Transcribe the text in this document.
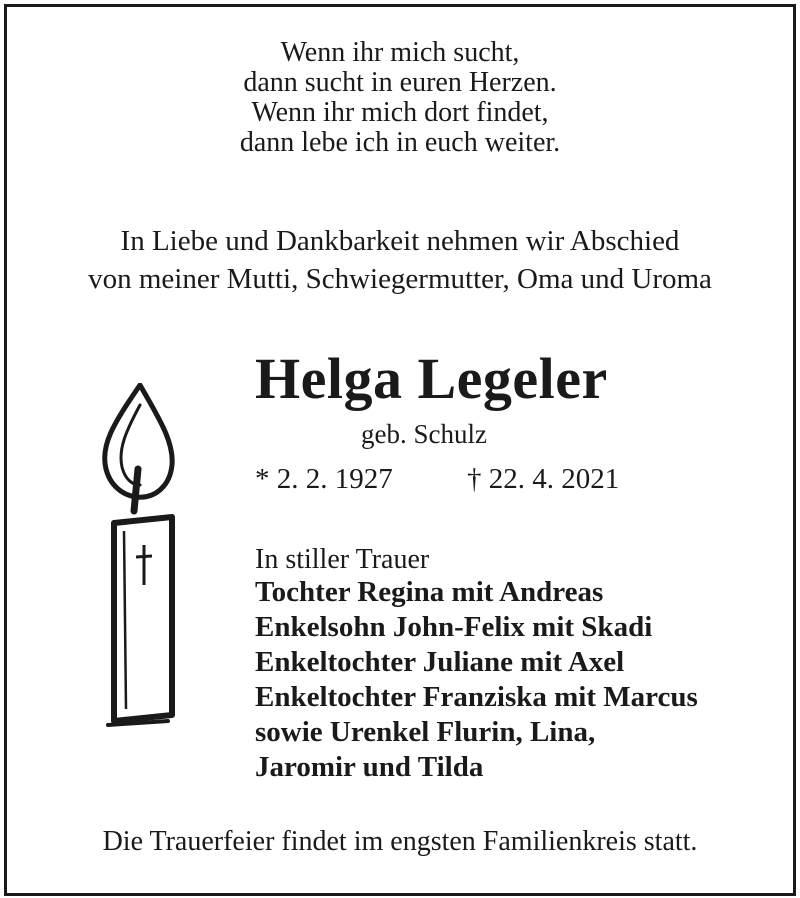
Wenn ihr mich sucht,
dann sucht in euren Herzen.
Wenn ihr mich dort findet,
dann lebe ich in euch weiter.
In Liebe und Dankbarkeit nehmen wir Abschied
von meiner Mutti, Schwiegermutter, Oma und Uroma
Helga Legeler
geb. Schulz
* 2. 2. 1927	† 22. 4. 2021
In stiller Trauer
Tochter Regina mit Andreas
Enkelsohn John-Felix mit Skadi
Enkeltochter Juliane mit Axel
Enkeltochter Franziska mit Marcus
sowie Urenkel Flurin, Lina,
Jaromir und Tilda
Die Trauerfeier findet im engsten Familienkreis statt.
